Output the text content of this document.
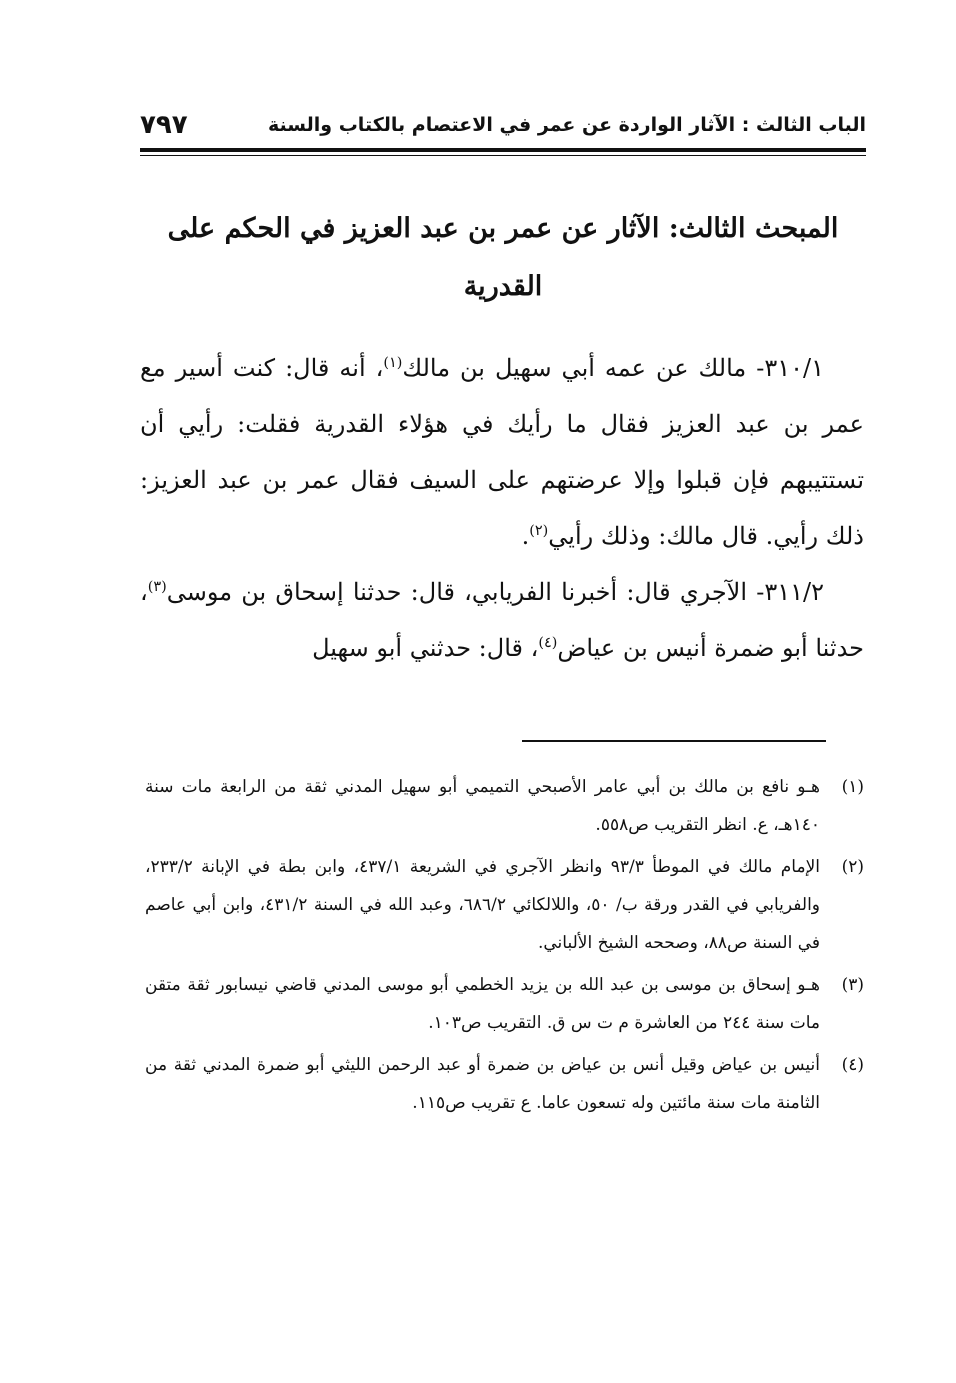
الباب الثالث : الآثار الواردة عن عمر في الاعتصام بالكتاب والسنة
٧٩٧
المبحث الثالث: الآثار عن عمر بن عبد العزيز في الحكم على القدرية

٣١٠/١- مالك عن عمه أبي سهيل بن مالك$^{(١)}$، أنه قال: كنت أسير مع عمر بن عبد العزيز فقال ما رأيك في هؤلاء القدرية فقلت: رأيي أن تستتيبهم فإن قبلوا وإلا عرضتهم على السيف فقال عمر بن عبد العزيز: ذلك رأيي. قال مالك: وذلك رأيي$^{(٢)}$.

٣١١/٢- الآجري قال: أخبرنا الفريابي، قال: حدثنا إسحاق بن موسى$^{(٣)}$، حدثنا أبو ضمرة أنيس بن عياض$^{(٤)}$، قال: حدثني أبو سهيل

(١)
هـو نافع بن مالك بن أبي عامر الأصبحي التميمي أبو سهيل المدني ثقة من الرابعة مات سنة ١٤٠هـ، ع. انظر التقريب ص٥٥٨.
(٢)
الإمام مالك في الموطأ ٩٣/٣ وانظر الآجري في الشريعة ٤٣٧/١، وابن بطة في الإبانة ٢٣٣/٢، والفريابي في القدر ورقة ب/ ٥٠، واللالكائي ٦٨٦/٢، وعبد الله في السنة ٤٣١/٢، وابن أبي عاصم في السنة ص٨٨، وصححه الشيخ الألباني.
(٣)
هـو إسحاق بن موسى بن عبد الله بن يزيد الخطمي أبو موسى المدني قاضي نيسابور ثقة متقن مات سنة ٢٤٤ من العاشرة م ت س ق. التقريب ص١٠٣.
(٤)
أنيس بن عياض وقيل أنس بن عياض بن ضمرة أو عبد الرحمن الليثي أبو ضمرة المدني ثقة من الثامنة مات سنة مائتين وله تسعون عاما. ع تقريب ص١١٥.
